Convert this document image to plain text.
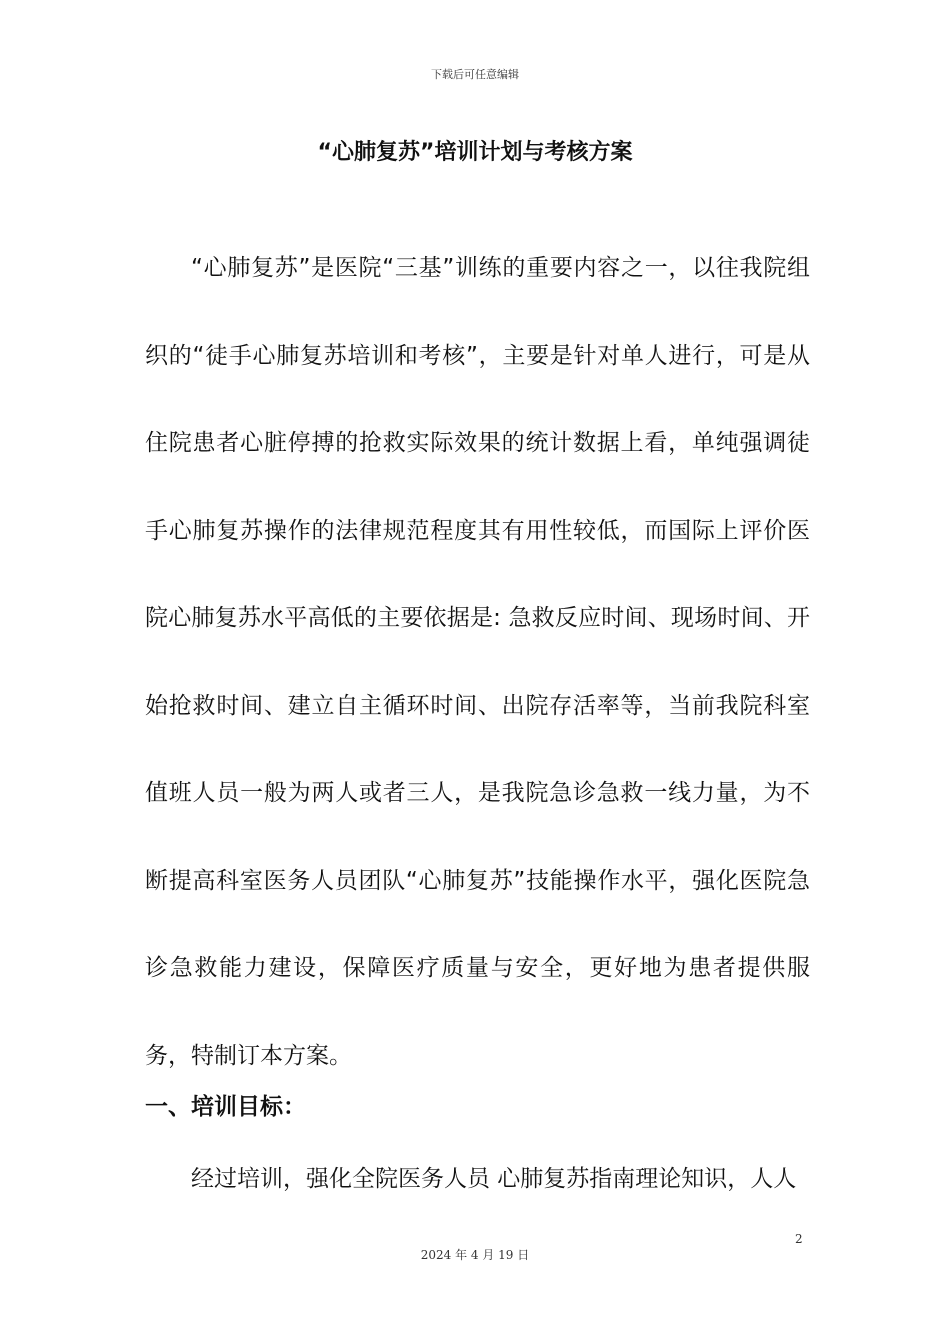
下载后可任意编辑
“心肺复苏”培训计划与考核方案

“心肺复苏”是医院“三基”训练的重要内容之一，以往我院组织的“徒手心肺复苏培训和考核”，主要是针对单人进行，可是从住院患者心脏停搏的抢救实际效果的统计数据上看，单纯强调徒手心肺复苏操作的法律规范程度其有用性较低，而国际上评价医院心肺复苏水平高低的主要依据是: 急救反应时间、现场时间、开始抢救时间、建立自主循环时间、出院存活率等，当前我院科室值班人员一般为两人或者三人，是我院急诊急救一线力量，为不断提高科室医务人员团队“心肺复苏”技能操作水平，强化医院急诊急救能力建设，保障医疗质量与安全，更好地为患者提供服务，特制订本方案。

一、培训目标：

经过培训，强化全院医务人员 心肺复苏指南理论知识，人人

2
2024 年 4 月 19 日
